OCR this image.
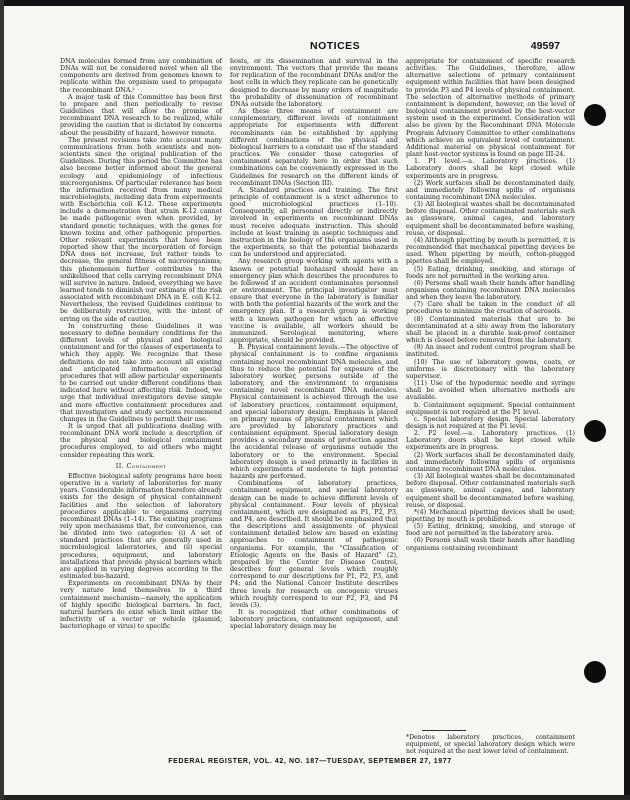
NOTICES	49597

DNA molecules formed from any combination of DNAs will not be considered novel when all the components are derived from genomes known to replicate within the organism used to propagate the recombinant DNA.¹

A major task of this Committee has been first to prepare and then periodically to revise Guidelines that will allow the promise of recombinant DNA research to be realized, while providing the caution that is dictated by concerns about the possibility of hazard, however remote.

The present revisions take into account many communications from both scientists and non-scientists since the original publication of the Guidelines. During this period the Committee has also become better informed about the general ecology and epidemiology of infectious microorganisms. Of particular relevance has been the information received from many medical microbiologists, including data from experiments with Escherichia coli K-12. These experiments include a demonstration that strain K-12 cannot be made pathogenic even when provided, by standard genetic techniques, with the genes for known toxins and other pathogenic properties. Other relevant experiments that have been reported show that the incorporation of foreign DNA does not increase, but rather tends to decrease, the general fitness of microorganisms; this phenomenon further contributes to the unlikelihood that cells carrying recombinant DNA will survive in nature. Indeed, everything we have learned tends to diminish our estimate of the risk associated with recombinant DNA in E. coli K-12. Nevertheless, the revised Guidelines continue to be deliberately restrictive, with the intent of erring on the side of caution.

In constructing these Guidelines it was necessary to define boundary conditions for the different levels of physical and biological containment and for the classes of experiments to which they apply. We recognize that these definitions do not take into account all existing and anticipated information on special procedures that will allow particular experiments to be carried out under different conditions than indicated here without affecting risk. Indeed, we urge that individual investigators devise simple and more effective containment procedures and that investigators and study sections recommend changes in the Guidelines to permit their use.

It is urged that all publications dealing with recombinant DNA work include a description of the physical and biological containment procedures employed, to aid others who might consider repeating this work.

II. Containment

Effective biological safety programs have been operative in a variety of laboratories for many years. Considerable information therefore already exists for the design of physical containment facilities and the selection of laboratory procedures applicable to organisms carrying recombinant DNAs (1–14). The existing programs rely upon mechanisms that, for convenience, can be divided into two categories: (i) A set of standard practices that are generally used in microbiological laboratories, and (ii) special procedures, equipment, and laboratory installations that provide physical barriers which are applied in varying degrees according to the estimated bio-hazard.

Experiments on recombinant DNAs by their very nature lend themselves to a third containment mechanism—namely, the application of highly specific biological barriers. In fact, natural barriers do exist which limit either the infectivity of a vector or vehicle (plasmid, bacteriophage or virus) to specific

hosts, or its dissemination and survival in the environment. The vectors that provide the means for replication of the recombinant DNAs and/or the host cells in which they replicate can be genetically designed to decrease by many orders of magnitude the probability of dissemination of recombinant DNAs outside the laboratory.

As these three means of containment are complementary, different levels of containment appropriate for experiments with different recombinants can be established by applying different combinations of the physical and biological barriers to a constant use of the standard practices. We consider these categories of containment separately here in order that such combinations can be conveniently expressed in the Guidelines for research on the different kinds of recombinant DNAs (Section III).

A. Standard practices and training. The first principle of containment is a strict adherence to good microbiological practices (1–10). Consequently, all personnel directly or indirectly involved in experiments on recombinant DNAs must receive adequate instruction. This should include at least training in aseptic techniques and instruction in the biology of the organisms used in the experiments, so that the potential biohazards can be understood and appreciated.

Any research group working with agents with a known or potential biohazard should have an emergency plan which describes the procedures to be followed if an accident contaminates personnel or environment. The principal investigator must ensure that everyone in the laboratory is familiar with both the potential hazards of the work and the emergency plan. If a research group is working with a known pathogen for which an effective vaccine is available, all workers should be immunized. Serological monitoring, where appropriate, should be provided.

B. Physical containment levels.—The objective of physical containment is to confine organisms containing novel recombinant DNA molecules, and thus to reduce the potential for exposure of the laboratory worker, persons outside of the laboratory, and the environment to organisms containing novel recombinant DNA molecules. Physical containment is achieved through the use of laboratory practices, containment equipment, and special laboratory design. Emphasis is placed on primary means of physical containment which are provided by laboratory practices and containment equipment. Special laboratory design provides a secondary means of protection against the accidental release of organisms outside the laboratory or to the environment. Special laboratory design is used primarily in facilities in which experiments of moderate to high potential hazards are performed.

Combinations of laboratory practices, containment equipment, and special laboratory design can be made to achieve different levels of physical containment. Four levels of physical containment, which are designated as P1, P2, P3, and P4, are described. It should be emphasized that the descriptions and assignments of physical containment detailed below are based on existing approaches to containment of pathogenic organisms. For example, the "Classification of Etiologic Agents on the Basis of Hazard" (2), prepared by the Center for Disease Control, describes four general levels which roughly correspond to our descriptions for P1, P2, P3, and P4; and the National Cancer Institute describes three levels for research on oncogenic viruses which roughly correspond to our P2, P3, and P4 levels (3).

It is recognized that other combinations of laboratory practices, containment equipment, and special laboratory design may be

appropriate for containment of specific research activities. The Guidelines, therefore, allow alternative selections of primary containment equipment within facilities that have been designed to provide P3 and P4 levels of physical containment. The selection of alternative methods of primary containment is dependent, however, on the level of biological containment provided by the host-vector system used in the experiment. Consideration will also be given by the Recombinant DNA Molecule Program Advisory Committee to other combinations which achieve an equivalent level of containment. Additional material on physical containment for plant host-vector systems is found on page III-24.

1. P1 level.—a. Laboratory practices. (1) Laboratory doors shall be kept closed while experiments are in progress.

(2) Work surfaces shall be decontaminated daily, and immediately following spills of organisms containing recombinant DNA molecules.

(3) All biological wastes shall be decontaminated before disposal. Other contaminated materials such as glassware, animal cages, and laboratory equipment shall be decontaminated before washing, reuse, or disposal.

(4) Although pipetting by mouth is permitted, it is recommended that mechanical pipetting devices be used. When pipetting by mouth, cotton-plugged pipettes shall be employed.

(5) Eating, drinking, smoking, and storage of foods are not permitted in the working area.

(6) Persons shall wash their hands after handling organisms containing recombinant DNA molecules and when they leave the laboratory.

(7) Care shall be taken in the conduct of all procedures to minimize the creation of aerosols.

(8) Contaminated materials that are to be decontaminated at a site away from the laboratory shall be placed in a durable leak-proof container which is closed before removal from the laboratory.

(9) An insect and rodent control program shall be instituted.

(10) The use of laboratory gowns, coats, or uniforms is discretionary with the laboratory supervisor.

(11) Use of the hypodermic needle and syringe shall be avoided when alternative methods are available.

b. Containment equipment. Special containment equipment is not required at the P1 level.

c. Special laboratory design. Special laboratory design is not required at the P1 level.

2. P2 level.—a. Laboratory practices. (1) Laboratory doors shall be kept closed while experiments are in progress.

(2) Work surfaces shall be decontaminated daily, and immediately following spills of organisms containing recombinant DNA molecules.

(3) All biological wastes shall be decontaminated before disposal. Other contaminated materials such as glassware, animal cages, and laboratory equipment shall be decontaminated before washing, reuse, or disposal.

*(4) Mechanical pipetting devices shall be used; pipetting by mouth is prohibited.

(5) Eating, drinking, smoking, and storage of food are not permitted in the laboratory area.

(6) Persons shall wash their hands after handling organisms containing recombinant

*Denotes laboratory practices, containment equipment, or special laboratory design which were not required at the next lower level of containment.
FEDERAL REGISTER, VOL. 42, NO. 187—TUESDAY, SEPTEMBER 27, 1977
